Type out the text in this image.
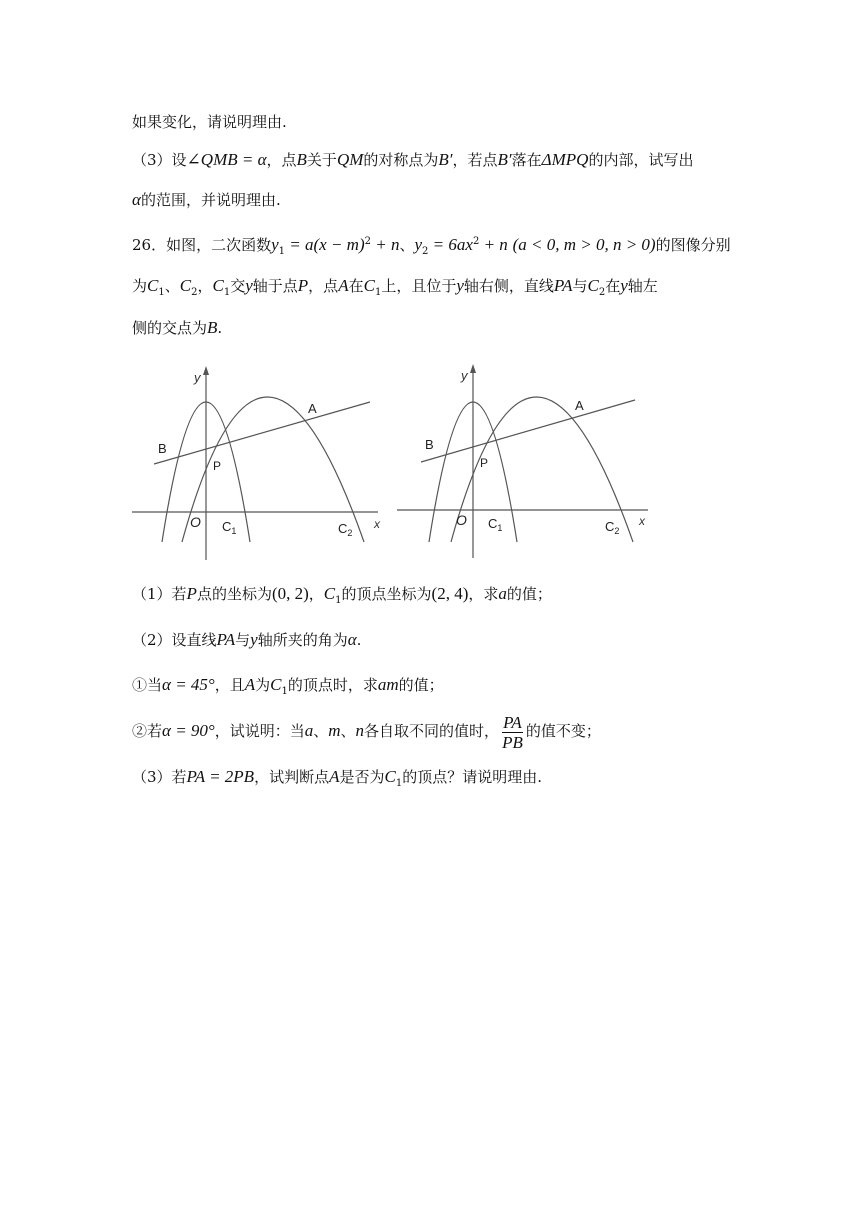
如果变化，请说明理由.
（3）设∠QMB = α，点B关于QM的对称点为B′，若点B′落在ΔMPQ的内部，试写出
α的范围，并说明理由.
26．如图，二次函数$y_1 = a(x - m)^2 + n$、$y_2 = 6ax^2 + n$ (a < 0, m > 0, n > 0)的图像分别
为$C_1$、$C_2$，$C_1$交y轴于点P，点A在$C_1$上，且位于y轴右侧，直线PA与$C_2$在y轴左
侧的交点为B.
y
x
A
B
P
O $C_1$	$C_2$
y
x
A
B
P
O $C_1$	$C_2$
（1）若P点的坐标为(0, 2)，$C_1$的顶点坐标为(2, 4)，求a的值；
（2）设直线PA与y轴所夹的角为α.
①当α = 45°，且A为$C_1$的顶点时，求am的值；
②若α = 90°，试说明：当a、m、n各自取不同的值时， $\frac{PA}{PB}$ 的值不变；
（3）若PA = 2PB，试判断点A是否为$C_1$的顶点？请说明理由.
